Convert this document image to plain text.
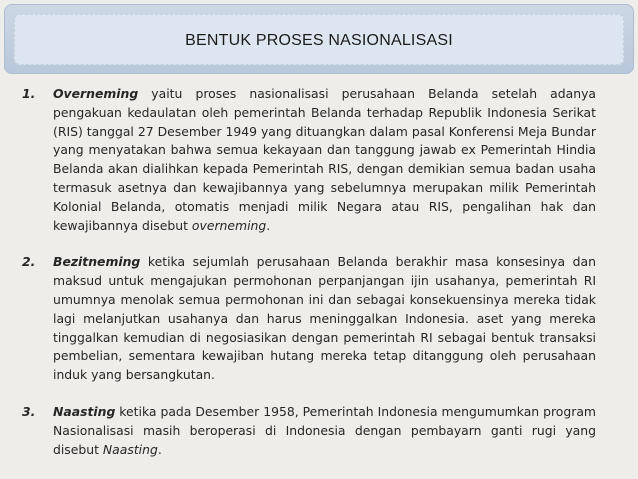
BENTUK PROSES NASIONALISASI
1.	Overneming yaitu proses nasionalisasi perusahaan Belanda setelah adanya pengakuan kedaulatan oleh pemerintah Belanda terhadap Republik Indonesia Serikat (RIS) tanggal 27 Desember 1949 yang dituangkan dalam pasal Konferensi Meja Bundar yang menyatakan bahwa semua kekayaan dan tanggung jawab ex Pemerintah Hindia Belanda akan dialihkan kepada Pemerintah RIS, dengan demikian semua badan usaha termasuk asetnya dan kewajibannya yang sebelumnya merupakan milik Pemerintah Kolonial Belanda, otomatis menjadi milik Negara atau RIS, pengalihan hak dan kewajibannya disebut overneming.
2.	Bezitneming ketika sejumlah perusahaan Belanda berakhir masa konsesinya dan maksud untuk mengajukan permohonan perpanjangan ijin usahanya, pemerintah RI umumnya menolak semua permohonan ini dan sebagai konsekuensinya mereka tidak lagi melanjutkan usahanya dan harus meninggalkan Indonesia. aset yang mereka tinggalkan kemudian di negosiasikan dengan pemerintah RI sebagai bentuk transaksi pembelian, sementara kewajiban hutang mereka tetap ditanggung oleh perusahaan induk yang bersangkutan.
3.	Naasting ketika pada Desember 1958, Pemerintah Indonesia mengumumkan program Nasionalisasi masih beroperasi di Indonesia dengan pembayarn ganti rugi yang disebut Naasting.
